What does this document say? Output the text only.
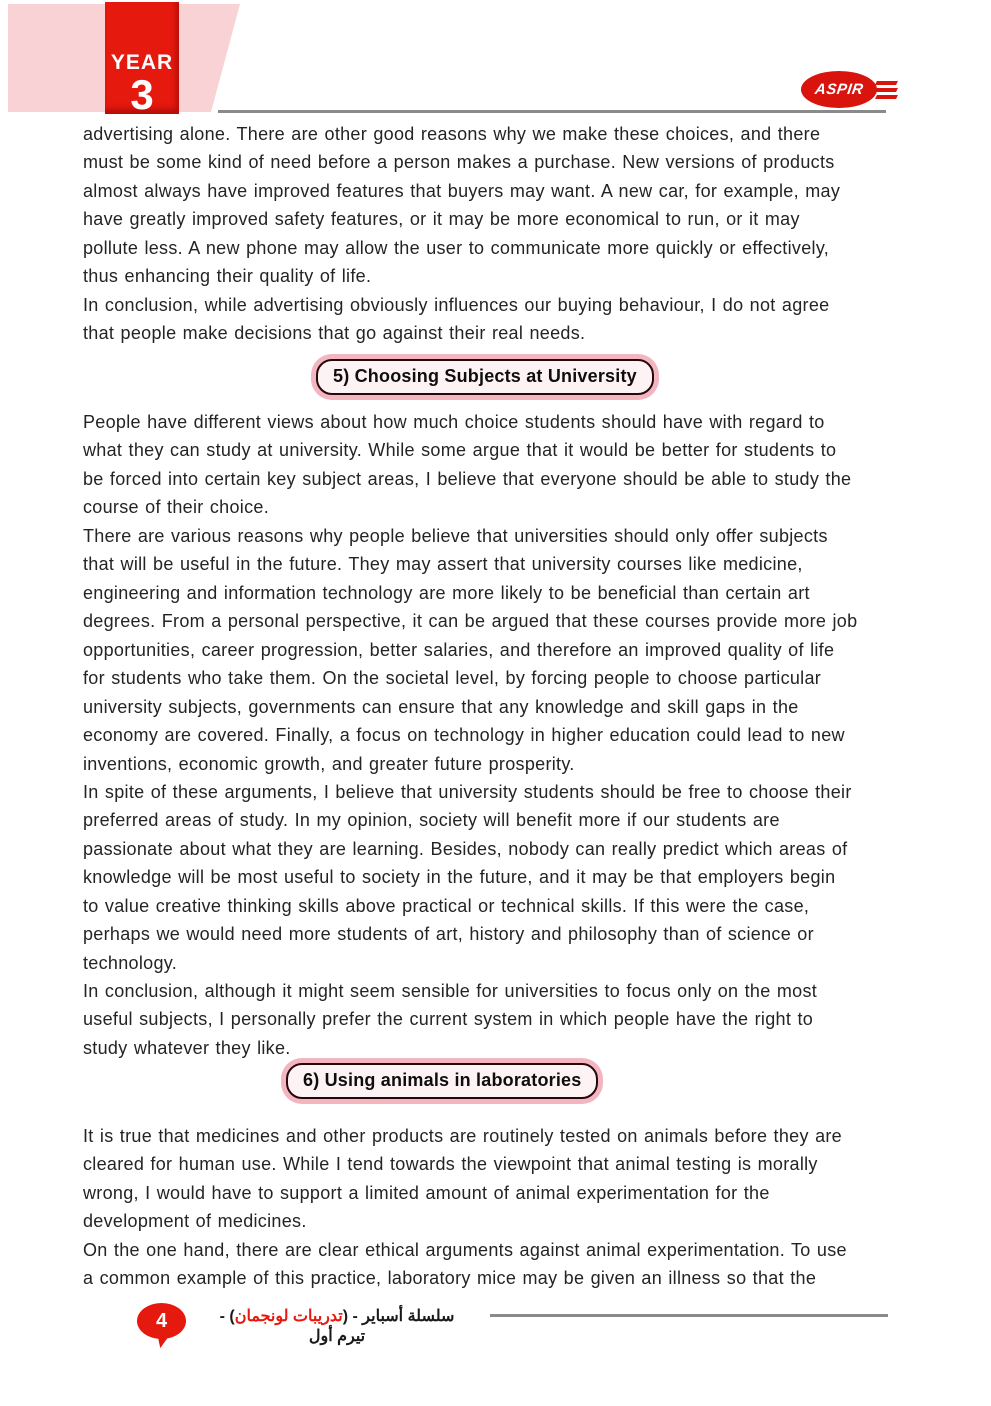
YEAR
3	ASPIR
advertising alone. There are other good reasons why we make these choices, and there
must be some kind of need before a person makes a purchase. New versions of products
almost always have improved features that buyers may want. A new car, for example, may
have greatly improved safety features, or it may be more economical to run, or it may
pollute less. A new phone may allow the user to communicate more quickly or effectively,
thus enhancing their quality of life.
In conclusion, while advertising obviously influences our buying behaviour, I do not agree
that people make decisions that go against their real needs.
5) Choosing Subjects at University
People have different views about how much choice students should have with regard to
what they can study at university. While some argue that it would be better for students to
be forced into certain key subject areas, I believe that everyone should be able to study the
course of their choice.
There are various reasons why people believe that universities should only offer subjects
that will be useful in the future. They may assert that university courses like medicine,
engineering and information technology are more likely to be beneficial than certain art
degrees. From a personal perspective, it can be argued that these courses provide more job
opportunities, career progression, better salaries, and therefore an improved quality of life
for students who take them. On the societal level, by forcing people to choose particular
university subjects, governments can ensure that any knowledge and skill gaps in the
economy are covered. Finally, a focus on technology in higher education could lead to new
inventions, economic growth, and greater future prosperity.
In spite of these arguments, I believe that university students should be free to choose their
preferred areas of study. In my opinion, society will benefit more if our students are
passionate about what they are learning. Besides, nobody can really predict which areas of
knowledge will be most useful to society in the future, and it may be that employers begin
to value creative thinking skills above practical or technical skills. If this were the case,
perhaps we would need more students of art, history and philosophy than of science or
technology.
In conclusion, although it might seem sensible for universities to focus only on the most
useful subjects, I personally prefer the current system in which people have the right to
study whatever they like.
6) Using animals in laboratories
It is true that medicines and other products are routinely tested on animals before they are
cleared for human use. While I tend towards the viewpoint that animal testing is morally
wrong, I would have to support a limited amount of animal experimentation for the
development of medicines.
On the one hand, there are clear ethical arguments against animal experimentation. To use
a common example of this practice, laboratory mice may be given an illness so that the
4	سلسلة أسباير - (تدريبات لونجمان) - تيرم أول
